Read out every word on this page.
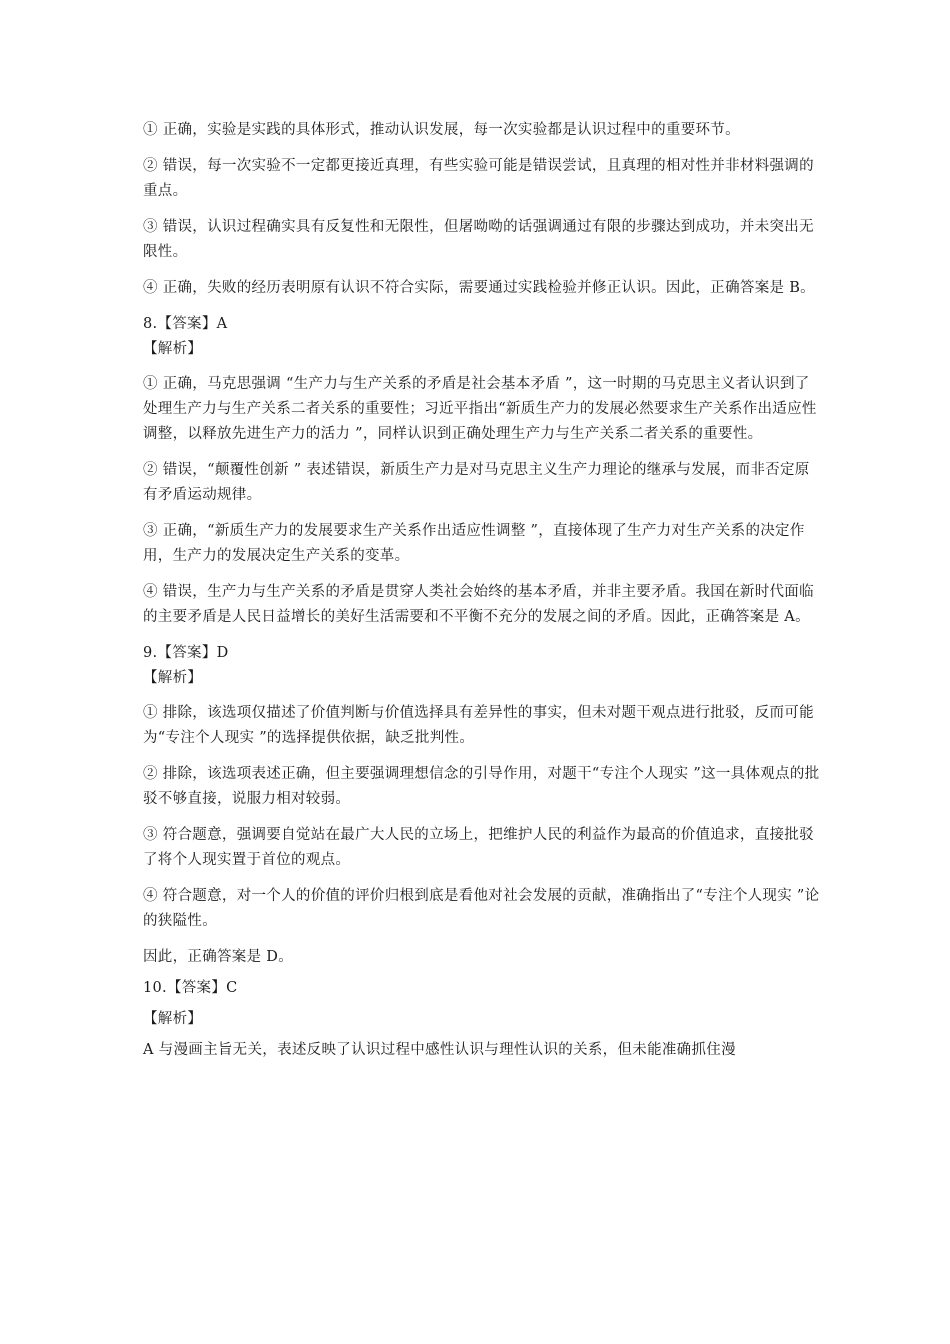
① 正确，实验是实践的具体形式，推动认识发展，每一次实验都是认识过程中的重要环节。

② 错误，每一次实验不一定都更接近真理，有些实验可能是错误尝试，且真理的相对性并非材料强调的重点。

③ 错误，认识过程确实具有反复性和无限性，但屠呦呦的话强调通过有限的步骤达到成功，并未突出无限性。

④ 正确，失败的经历表明原有认识不符合实际，需要通过实践检验并修正认识。因此，正确答案是 B。

8.【答案】A

【解析】

① 正确，马克思强调 “生产力与生产关系的矛盾是社会基本矛盾 ”，这一时期的马克思主义者认识到了处理生产力与生产关系二者关系的重要性；习近平指出“新质生产力的发展必然要求生产关系作出适应性调整，以释放先进生产力的活力 ”，同样认识到正确处理生产力与生产关系二者关系的重要性。

② 错误，“颠覆性创新 ” 表述错误，新质生产力是对马克思主义生产力理论的继承与发展，而非否定原有矛盾运动规律。

③ 正确，“新质生产力的发展要求生产关系作出适应性调整 ”，直接体现了生产力对生产关系的决定作用，生产力的发展决定生产关系的变革。

④ 错误，生产力与生产关系的矛盾是贯穿人类社会始终的基本矛盾，并非主要矛盾。我国在新时代面临的主要矛盾是人民日益增长的美好生活需要和不平衡不充分的发展之间的矛盾。因此，正确答案是 A。

9.【答案】D

【解析】

① 排除，该选项仅描述了价值判断与价值选择具有差异性的事实，但未对题干观点进行批驳，反而可能为“专注个人现实 ”的选择提供依据，缺乏批判性。

② 排除，该选项表述正确，但主要强调理想信念的引导作用，对题干“专注个人现实 ”这一具体观点的批驳不够直接，说服力相对较弱。

③ 符合题意，强调要自觉站在最广大人民的立场上，把维护人民的利益作为最高的价值追求，直接批驳了将个人现实置于首位的观点。

④ 符合题意，对一个人的价值的评价归根到底是看他对社会发展的贡献，准确指出了“专注个人现实 ”论的狭隘性。

因此，正确答案是 D。

10.【答案】C

【解析】

A 与漫画主旨无关，表述反映了认识过程中感性认识与理性认识的关系，但未能准确抓住漫
